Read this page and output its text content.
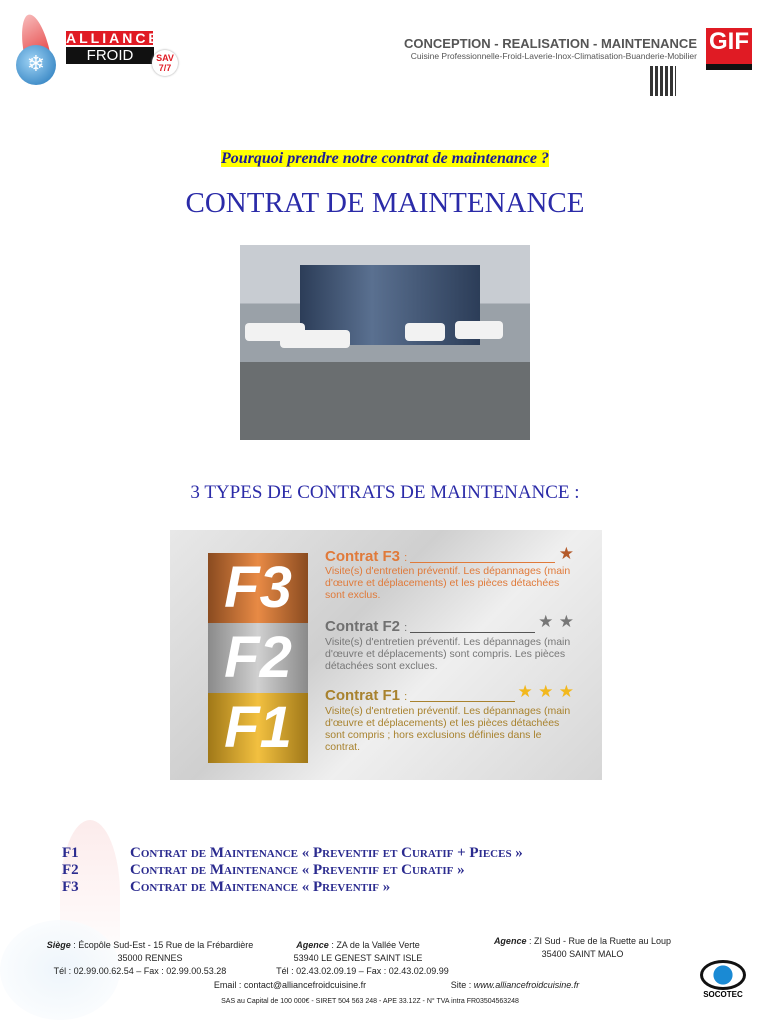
❄
ALLIANCE
FROID CUISINE
SAV 7/7
CONCEPTION - REALISATION - MAINTENANCE
Cuisine Professionnelle-Froid-Laverie-Inox-Climatisation-Buanderie-Mobilier
GIF
Pourquoi prendre notre contrat de maintenance ?
CONTRAT DE MAINTENANCE
3 TYPES DE CONTRATS DE MAINTENANCE :
F3
F2
F1
Contrat F3 :	★
Visite(s) d'entretien préventif. Les dépannages (main d'œuvre et déplacements) et les pièces détachées sont exclus.
Contrat F2 :	★ ★
Visite(s) d'entretien préventif. Les dépannages (main d'œuvre et déplacements) sont compris. Les pièces détachées sont exclues.
Contrat F1 :	★ ★ ★
Visite(s) d'entretien préventif. Les dépannages (main d'œuvre et déplacements) et les pièces détachées sont compris ; hors exclusions définies dans le contrat.
F1	Contrat de Maintenance « Preventif et Curatif + Pieces »
F2	Contrat de Maintenance « Preventif et Curatif »
F3	Contrat de Maintenance « Preventif »
Siège : Écopôle Sud-Est - 15 Rue de la Frébardière
35000 RENNES
Agence : ZA de la Vallée Verte
53940 LE GENEST SAINT ISLE
Agence : ZI Sud - Rue de la Ruette au Loup
35400 SAINT MALO
Tél : 02.99.00.62.54 – Fax : 02.99.00.53.28	Tél : 02.43.02.09.19 – Fax : 02.43.02.09.99
Email : contact@alliancefroidcuisine.fr	Site : www.alliancefroidcuisine.fr
SAS au Capital de 100 000€ - SIRET 504 563 248 - APE 33.12Z - N° TVA intra FR03504563248
SOCOTEC
